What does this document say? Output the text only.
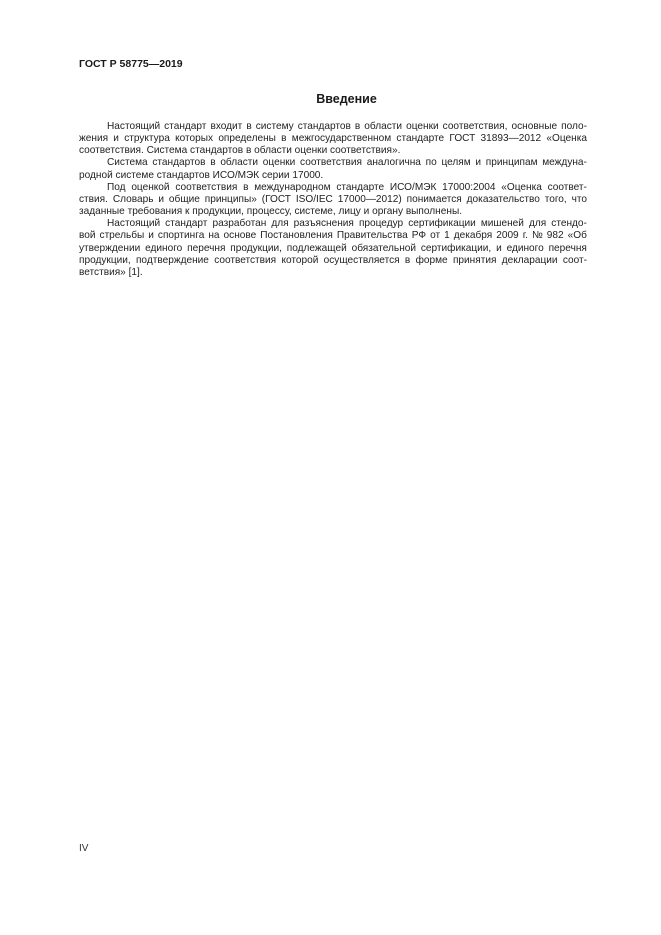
ГОСТ Р 58775—2019
Введение
Настоящий стандарт входит в систему стандартов в области оценки соответствия, основные поло-
жения и структура которых определены в межгосударственном стандарте ГОСТ 31893—2012 «Оценка
соответствия. Система стандартов в области оценки соответствия».
Система стандартов в области оценки соответствия аналогична по целям и принципам междуна-
родной системе стандартов ИСО/МЭК серии 17000.
Под оценкой соответствия в международном стандарте ИСО/МЭК 17000:2004 «Оценка соответ-
ствия. Словарь и общие принципы» (ГОСТ ISO/IEC 17000—2012) понимается доказательство того, что
заданные требования к продукции, процессу, системе, лицу и органу выполнены.
Настоящий стандарт разработан для разъяснения процедур сертификации мишеней для стендо-
вой стрельбы и спортинга на основе Постановления Правительства РФ от 1 декабря 2009 г. № 982 «Об
утверждении единого перечня продукции, подлежащей обязательной сертификации, и единого перечня
продукции, подтверждение соответствия которой осуществляется в форме принятия декларации соот-
ветствия» [1].
IV
